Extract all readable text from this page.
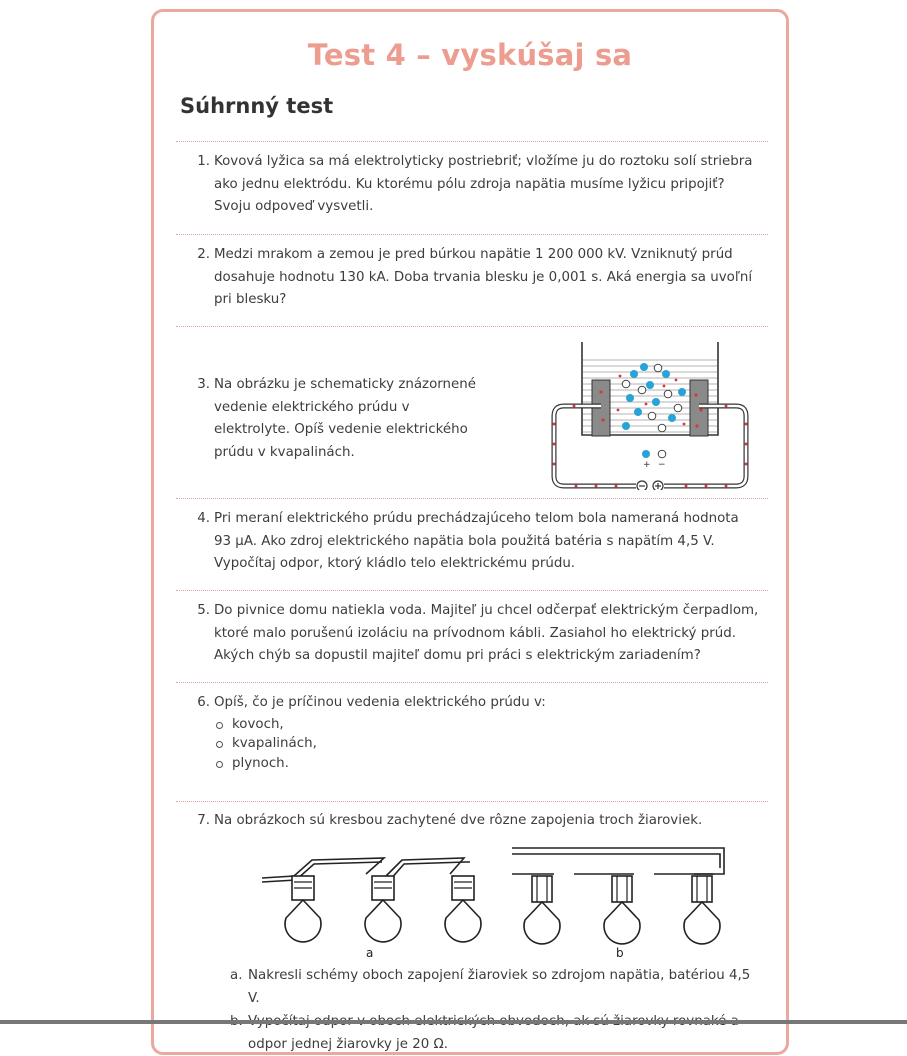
Test 4 – vyskúšaj sa
Súhrnný test
1. Kovová lyžica sa má elektrolyticky postriebriť; vložíme ju do roztoku solí striebra ako jednu elektródu. Ku ktorému pólu zdroja napätia musíme lyžicu pripojiť? Svoju odpoveď vysvetli.
2. Medzi mrakom a zemou je pred búrkou napätie 1 200 000 kV. Vzniknutý prúd dosahuje hodnotu 130 kA. Doba trvania blesku je 0,001 s. Aká energia sa uvoľní pri blesku?
3. Na obrázku je schematicky znázornené vedenie elektrického prúdu v elektrolyte. Opíš vedenie elektrického prúdu v kvapalinách.
+ −
4. Pri meraní elektrického prúdu prechádzajúceho telom bola nameraná hodnota 93 µA. Ako zdroj elektrického napätia bola použitá batéria s napätím 4,5 V. Vypočítaj odpor, ktorý kládlo telo elektrickému prúdu.
5. Do pivnice domu natiekla voda. Majiteľ ju chcel odčerpať elektrickým čerpadlom, ktoré malo porušenú izoláciu na prívodnom kábli. Zasiahol ho elektrický prúd. Akých chýb sa dopustil majiteľ domu pri práci s elektrickým zariadením?
6. Opíš, čo je príčinou vedenia elektrického prúdu v:
kovoch,
kvapalinách,
plynoch.
7. Na obrázkoch sú kresbou zachytené dve rôzne zapojenia troch žiaroviek.
a	b
a. Nakresli schémy oboch zapojení žiaroviek so zdrojom napätia, batériou 4,5 V.
odpor jednej žiarovky je 20 Ω.
